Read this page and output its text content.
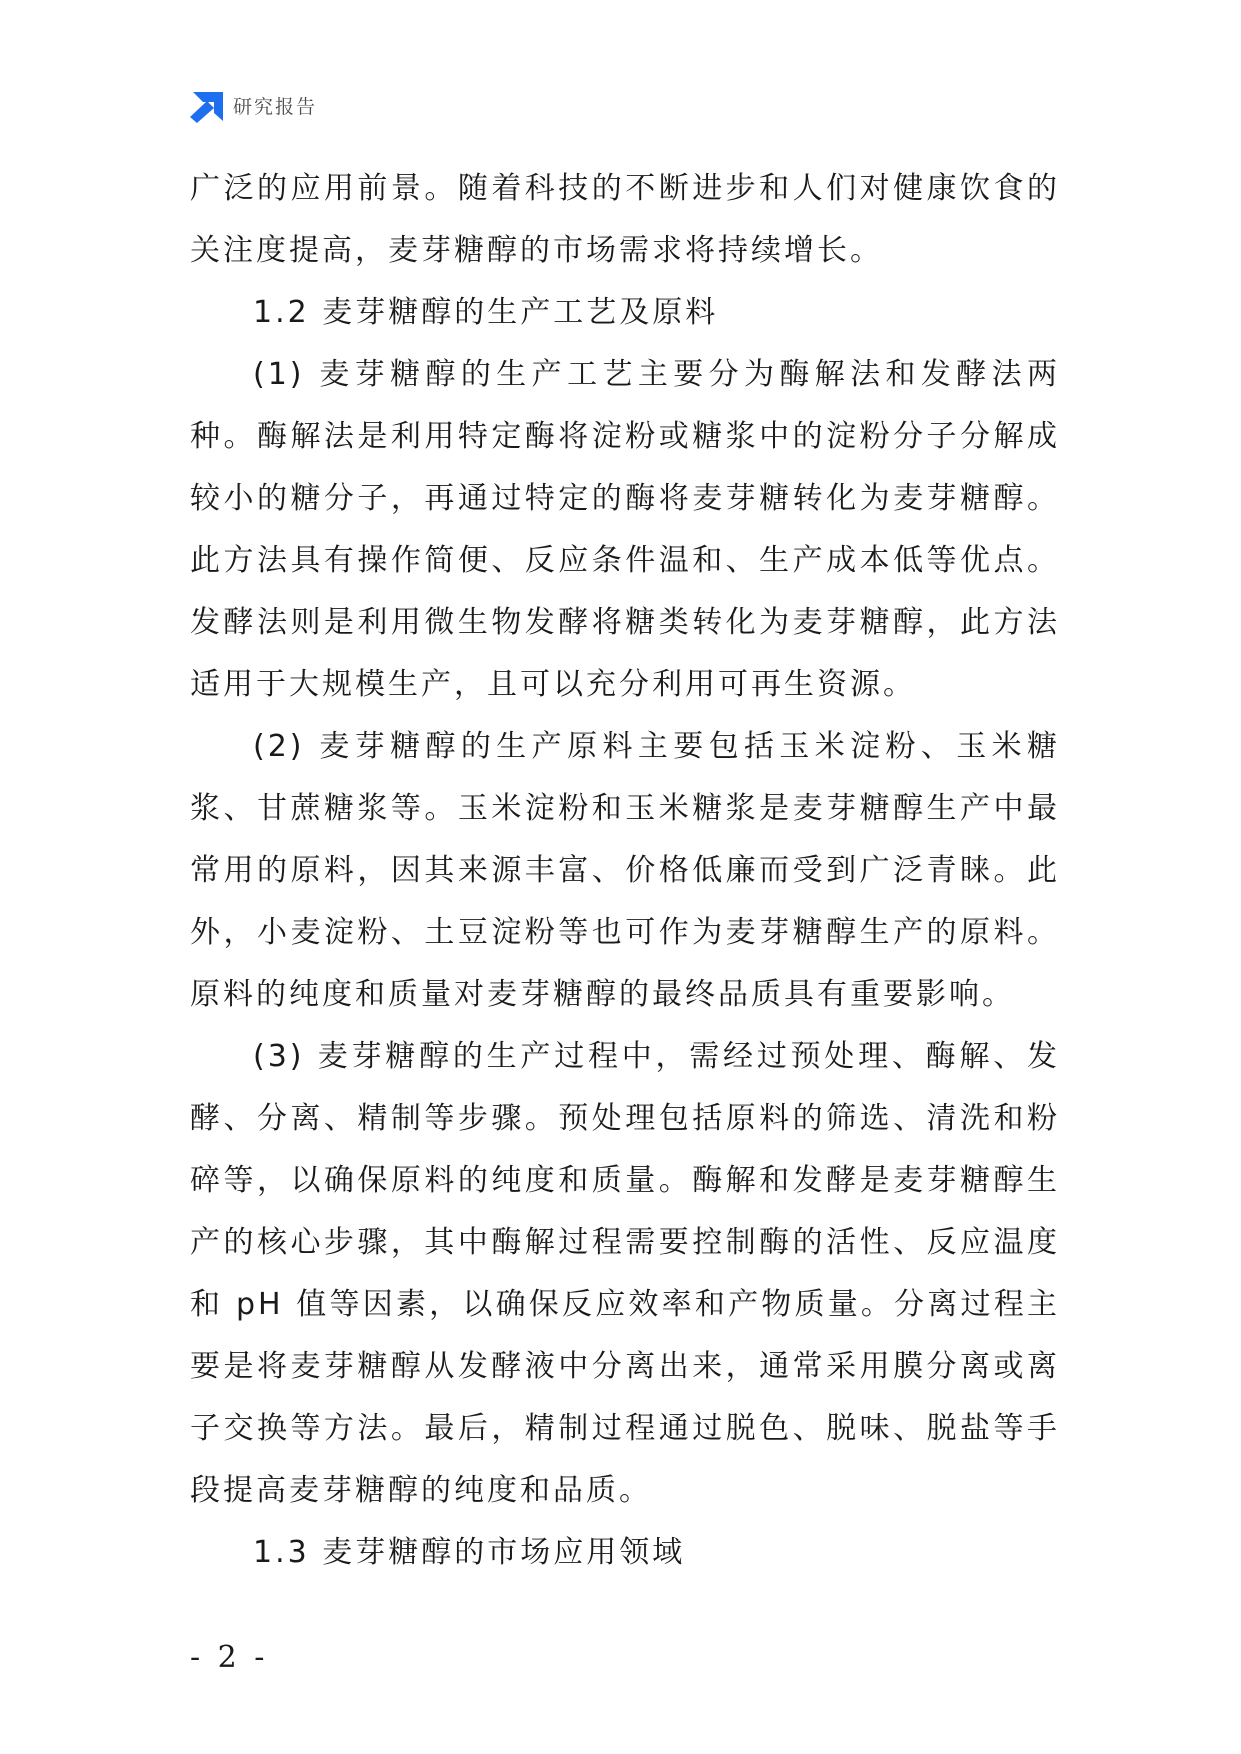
研究报告

广泛的应用前景。随着科技的不断进步和人们对健康饮食的关注度提高，麦芽糖醇的市场需求将持续增长。

1.2 麦芽糖醇的生产工艺及原料

(1) 麦芽糖醇的生产工艺主要分为酶解法和发酵法两种。酶解法是利用特定酶将淀粉或糖浆中的淀粉分子分解成较小的糖分子，再通过特定的酶将麦芽糖转化为麦芽糖醇。此方法具有操作简便、反应条件温和、生产成本低等优点。发酵法则是利用微生物发酵将糖类转化为麦芽糖醇，此方法适用于大规模生产，且可以充分利用可再生资源。

(2) 麦芽糖醇的生产原料主要包括玉米淀粉、玉米糖浆、甘蔗糖浆等。玉米淀粉和玉米糖浆是麦芽糖醇生产中最常用的原料，因其来源丰富、价格低廉而受到广泛青睐。此外，小麦淀粉、土豆淀粉等也可作为麦芽糖醇生产的原料。原料的纯度和质量对麦芽糖醇的最终品质具有重要影响。

(3) 麦芽糖醇的生产过程中，需经过预处理、酶解、发酵、分离、精制等步骤。预处理包括原料的筛选、清洗和粉碎等，以确保原料的纯度和质量。酶解和发酵是麦芽糖醇生产的核心步骤，其中酶解过程需要控制酶的活性、反应温度和 pH 值等因素，以确保反应效率和产物质量。分离过程主要是将麦芽糖醇从发酵液中分离出来，通常采用膜分离或离子交换等方法。最后，精制过程通过脱色、脱味、脱盐等手段提高麦芽糖醇的纯度和品质。

1.3 麦芽糖醇的市场应用领域

- 2 -
